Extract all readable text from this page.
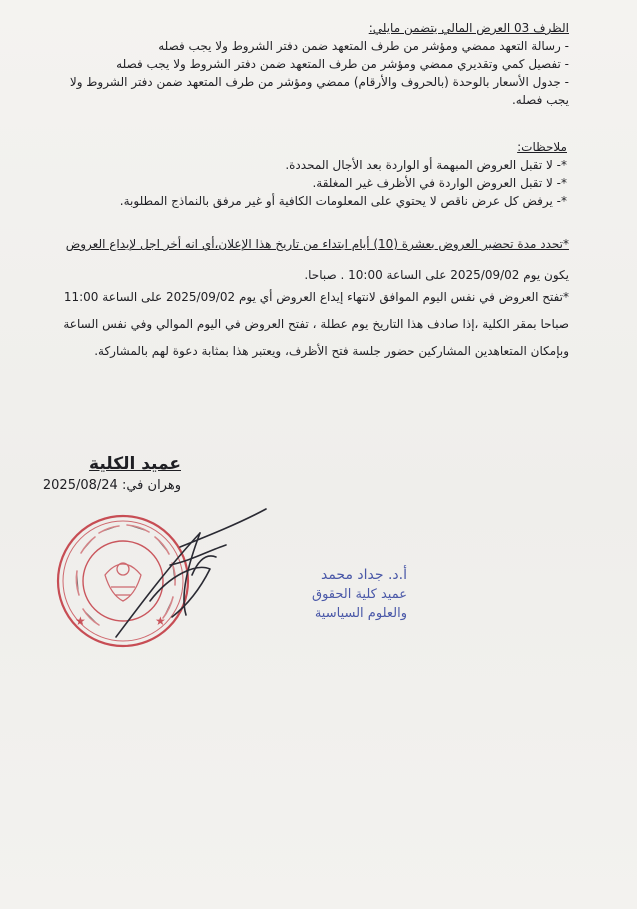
الظرف 03 العرض المالي يتضمن مايلي:
- رسالة التعهد ممضي ومؤشر من طرف المتعهد ضمن دفتر الشروط ولا يجب فصله
- تفصيل كمي وتقديري ممضي ومؤشر من طرف المتعهد ضمن دفتر الشروط ولا يجب فصله
- جدول الأسعار بالوحدة (بالحروف والأرقام) ممضي ومؤشر من طرف المتعهد ضمن دفتر الشروط ولا
يجب فصله.
ملاحظات:
*- لا تقبل العروض المبهمة أو الواردة بعد الأجال المحددة.
*- لا تقبل العروض الواردة في الأظرف غير المغلقة.
*- يرفض كل عرض ناقص لا يحتوي على المعلومات الكافية أو غير مرفق بالنماذج المطلوبة.
*تحدد مدة تحضير العروض بعشرة (10) أيام ابتداء من تاريخ هذا الإعلان،أي انه أخر اجل لإيداع العروض
يكون يوم 2025/09/02 على الساعة 10:00 . صباحا.
*تفتح العروض في نفس اليوم الموافق لانتهاء إيداع العروض أي يوم 2025/09/02 على الساعة 11:00
صباحا بمقر الكلية ،إذا صادف هذا التاريخ يوم عطلة ، تفتح العروض في اليوم الموالي وفي نفس الساعة
وبإمكان المتعاهدين المشاركين حضور جلسة فتح الأظرف، ويعتبر هذا بمثابة دعوة لهم بالمشاركة.
عميد الكلية
وهران في: 2025/08/24
★	★
أ.د. جداد محمد
عميد كلية الحقوق
والعلوم السياسية
